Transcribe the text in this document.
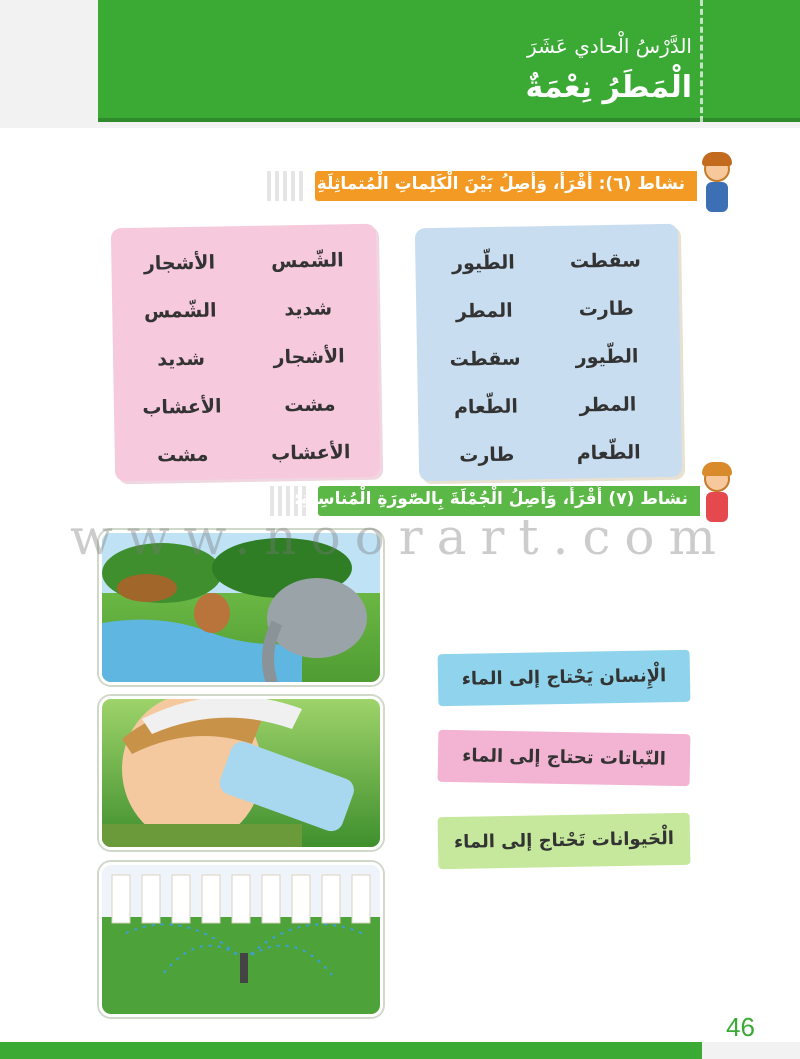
الدَّرْسُ الْحادي عَشَرَ
الْمَطَرُ نِعْمَةٌ
نشاط (٦): أَقْرَأُ، وَأَصِلُ بَيْنَ الْكَلِماتِ الْمُتماثِلَةِ.
سقطت
طارت
الطّيور
المطر
الطّعام
الطّيور
المطر
سقطت
الطّعام
طارت
الشّمس
شديد
الأشجار
مشت
الأعشاب
الأشجار
الشّمس
شديد
الأعشاب
مشت
نشاط (٧) أَقْرَأُ، وَأَصِلُ الْجُمْلَةَ بِالصّورَةِ الْمُناسِبَةِ:
الْإِنسان يَحْتاج إلى الماء
النّباتات تحتاج إلى الماء
الْحَيوانات تَحْتاج إلى الماء
www.noorart.com
46
